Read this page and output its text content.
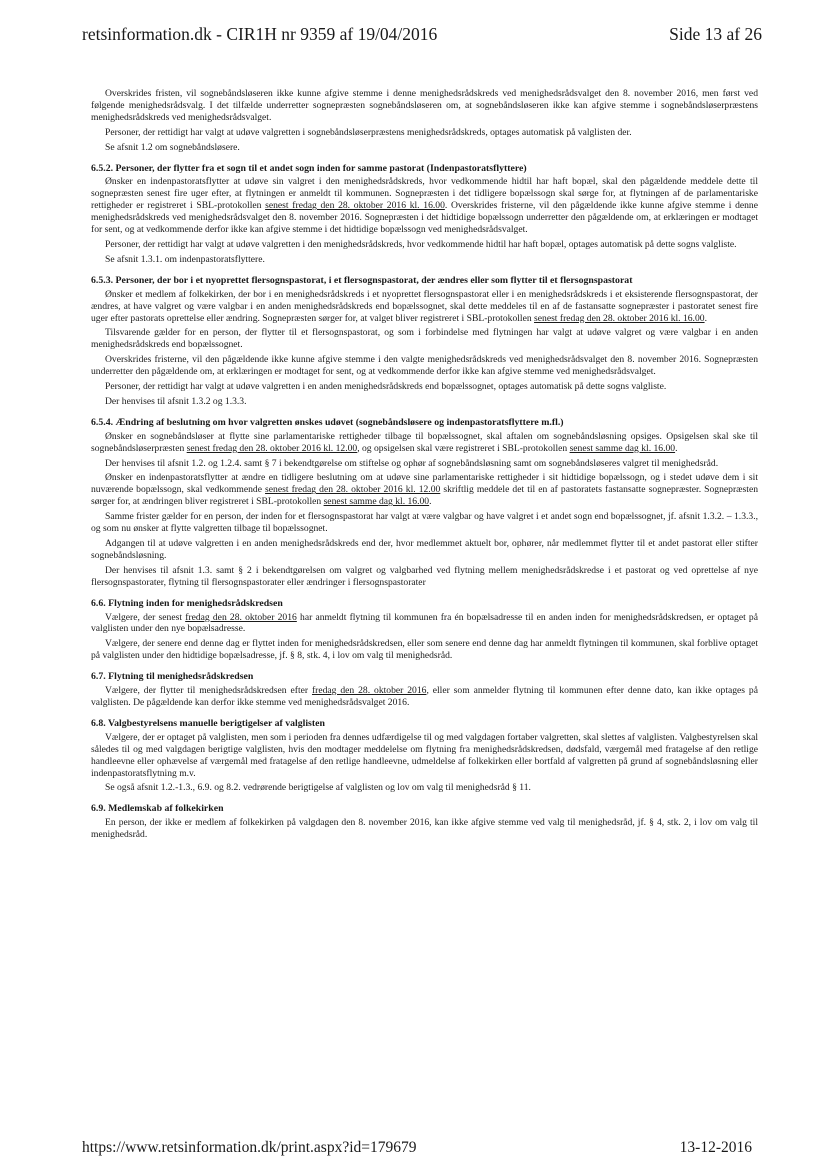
retsinformation.dk - CIR1H nr 9359 af 19/04/2016	Side 13 af 26

Overskrides fristen, vil sognebåndsløseren ikke kunne afgive stemme i denne menighedsrådskreds ved menighedsrådsvalget den 8. november 2016, men først ved følgende menighedsrådsvalg. I det tilfælde underretter sognepræsten sognebåndsløseren om, at sognebåndsløseren ikke kan afgive stemme i sognebåndsløserpræstens menighedsrådskreds ved menighedsrådsvalget.

Personer, der rettidigt har valgt at udøve valgretten i sognebåndsløserpræstens menighedsrådskreds, optages automatisk på valglisten der.

Se afsnit 1.2 om sognebåndsløsere.

6.5.2. Personer, der flytter fra et sogn til et andet sogn inden for samme pastorat (Indenpastoratsflyttere)

Ønsker en indenpastoratsflytter at udøve sin valgret i den menighedsrådskreds, hvor vedkommende hidtil har haft bopæl, skal den pågældende meddele dette til sognepræsten senest fire uger efter, at flytningen er anmeldt til kommunen. Sognepræsten i det tidligere bopælssogn skal sørge for, at flytningen af de parlamentariske rettigheder er registreret i SBL-protokollen senest fredag den 28. oktober 2016 kl. 16.00. Overskrides fristerne, vil den pågældende ikke kunne afgive stemme i denne menighedsrådskreds ved menighedsrådsvalget den 8. november 2016. Sognepræsten i det hidtidige bopælssogn underretter den pågældende om, at erklæringen er modtaget for sent, og at vedkommende derfor ikke kan afgive stemme i det hidtidige bopælssogn ved menighedsrådsvalget.

Personer, der rettidigt har valgt at udøve valgretten i den menighedsrådskreds, hvor vedkommende hidtil har haft bopæl, optages automatisk på dette sogns valgliste.

Se afsnit 1.3.1. om indenpastoratsflyttere.

6.5.3. Personer, der bor i et nyoprettet flersognspastorat, i et flersognspastorat, der ændres eller som flytter til et flersognspastorat

Ønsker et medlem af folkekirken, der bor i en menighedsrådskreds i et nyoprettet flersognspastorat eller i en menighedsrådskreds i et eksisterende flersognspastorat, der ændres, at have valgret og være valgbar i en anden menighedsrådskreds end bopælssognet, skal dette meddeles til en af de fastansatte sognepræster i pastoratet senest fire uger efter pastorats oprettelse eller ændring. Sognepræsten sørger for, at valget bliver registreret i SBL-protokollen senest fredag den 28. oktober 2016 kl. 16.00.

Tilsvarende gælder for en person, der flytter til et flersognspastorat, og som i forbindelse med flytningen har valgt at udøve valgret og være valgbar i en anden menighedsrådskreds end bopælssognet.

Overskrides fristerne, vil den pågældende ikke kunne afgive stemme i den valgte menighedsrådskreds ved menighedsrådsvalget den 8. november 2016. Sognepræsten underretter den pågældende om, at erklæringen er modtaget for sent, og at vedkommende derfor ikke kan afgive stemme ved menighedsrådsvalget.

Personer, der rettidigt har valgt at udøve valgretten i en anden menighedsrådskreds end bopælssognet, optages automatisk på dette sogns valgliste.

Der henvises til afsnit 1.3.2 og 1.3.3.

6.5.4. Ændring af beslutning om hvor valgretten ønskes udøvet (sognebåndsløsere og indenpastoratsflyttere m.fl.)

Ønsker en sognebåndsløser at flytte sine parlamentariske rettigheder tilbage til bopælssognet, skal aftalen om sognebåndsløsning opsiges. Opsigelsen skal ske til sognebåndsløserpræsten senest fredag den 28. oktober 2016 kl. 12.00, og opsigelsen skal være registreret i SBL-protokollen senest samme dag kl. 16.00.

Der henvises til afsnit 1.2. og 1.2.4. samt § 7 i bekendtgørelse om stiftelse og ophør af sognebåndsløsning samt om sognebåndsløseres valgret til menighedsråd.

Ønsker en indenpastoratsflytter at ændre en tidligere beslutning om at udøve sine parlamentariske rettigheder i sit hidtidige bopælssogn, og i stedet udøve dem i sit nuværende bopælssogn, skal vedkommende senest fredag den 28. oktober 2016 kl. 12.00 skriftlig meddele det til en af pastoratets fastansatte sognepræster. Sognepræsten sørger for, at ændringen bliver registreret i SBL-protokollen senest samme dag kl. 16.00.

Samme frister gælder for en person, der inden for et flersognspastorat har valgt at være valgbar og have valgret i et andet sogn end bopælssognet, jf. afsnit 1.3.2. – 1.3.3., og som nu ønsker at flytte valgretten tilbage til bopælssognet.

Adgangen til at udøve valgretten i en anden menighedsrådskreds end der, hvor medlemmet aktuelt bor, ophører, når medlemmet flytter til et andet pastorat eller stifter sognebåndsløsning.

Der henvises til afsnit 1.3. samt § 2 i bekendtgørelsen om valgret og valgbarhed ved flytning mellem menighedsrådskredse i et pastorat og ved oprettelse af nye flersognspastorater, flytning til flersognspastorater eller ændringer i flersognspastorater

6.6. Flytning inden for menighedsrådskredsen

Vælgere, der senest fredag den 28. oktober 2016 har anmeldt flytning til kommunen fra én bopælsadresse til en anden inden for menighedsrådskredsen, er optaget på valglisten under den nye bopælsadresse.

Vælgere, der senere end denne dag er flyttet inden for menighedsrådskredsen, eller som senere end denne dag har anmeldt flytningen til kommunen, skal forblive optaget på valglisten under den hidtidige bopælsadresse, jf. § 8, stk. 4, i lov om valg til menighedsråd.

6.7. Flytning til menighedsrådskredsen

Vælgere, der flytter til menighedsrådskredsen efter fredag den 28. oktober 2016, eller som anmelder flytning til kommunen efter denne dato, kan ikke optages på valglisten. De pågældende kan derfor ikke stemme ved menighedsrådsvalget 2016.

6.8. Valgbestyrelsens manuelle berigtigelser af valglisten

Vælgere, der er optaget på valglisten, men som i perioden fra dennes udfærdigelse til og med valgdagen fortaber valgretten, skal slettes af valglisten. Valgbestyrelsen skal således til og med valgdagen berigtige valglisten, hvis den modtager meddelelse om flytning fra menighedsrådskredsen, dødsfald, værgemål med fratagelse af den retlige handleevne eller ophævelse af værgemål med fratagelse af den retlige handleevne, udmeldelse af folkekirken eller bortfald af valgretten på grund af sognebåndsløsning eller indenpastoratsflytning m.v.

Se også afsnit 1.2.-1.3., 6.9. og 8.2. vedrørende berigtigelse af valglisten og lov om valg til menighedsråd § 11.

6.9. Medlemskab af folkekirken

En person, der ikke er medlem af folkekirken på valgdagen den 8. november 2016, kan ikke afgive stemme ved valg til menighedsråd, jf. § 4, stk. 2, i lov om valg til menighedsråd.

https://www.retsinformation.dk/print.aspx?id=179679	13-12-2016
